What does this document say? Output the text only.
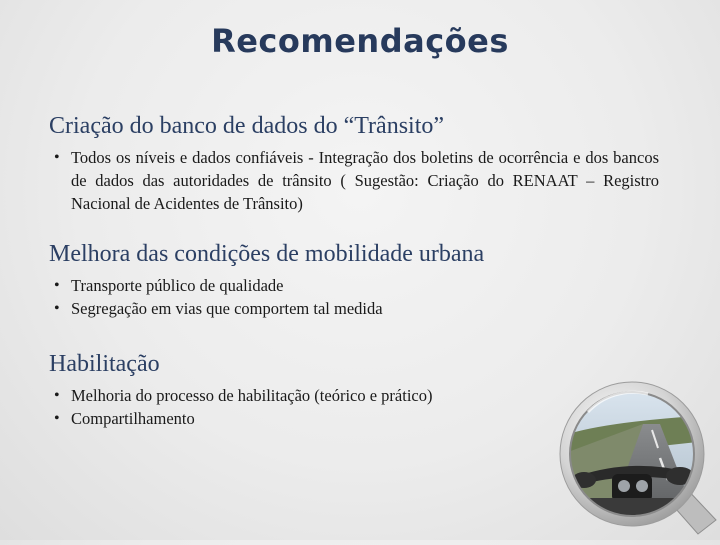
Recomendações
Criação do banco de dados do “Trânsito”
• Todos os níveis e dados confiáveis - Integração dos boletins de ocorrência e dos bancos de dados das autoridades de trânsito ( Sugestão: Criação do RENAAT – Registro Nacional de Acidentes de Trânsito)
Melhora das condições de mobilidade urbana
• Transporte público de qualidade
• Segregação em vias que comportem tal medida
Habilitação
• Melhoria do processo de habilitação (teórico e prático)
• Compartilhamento
